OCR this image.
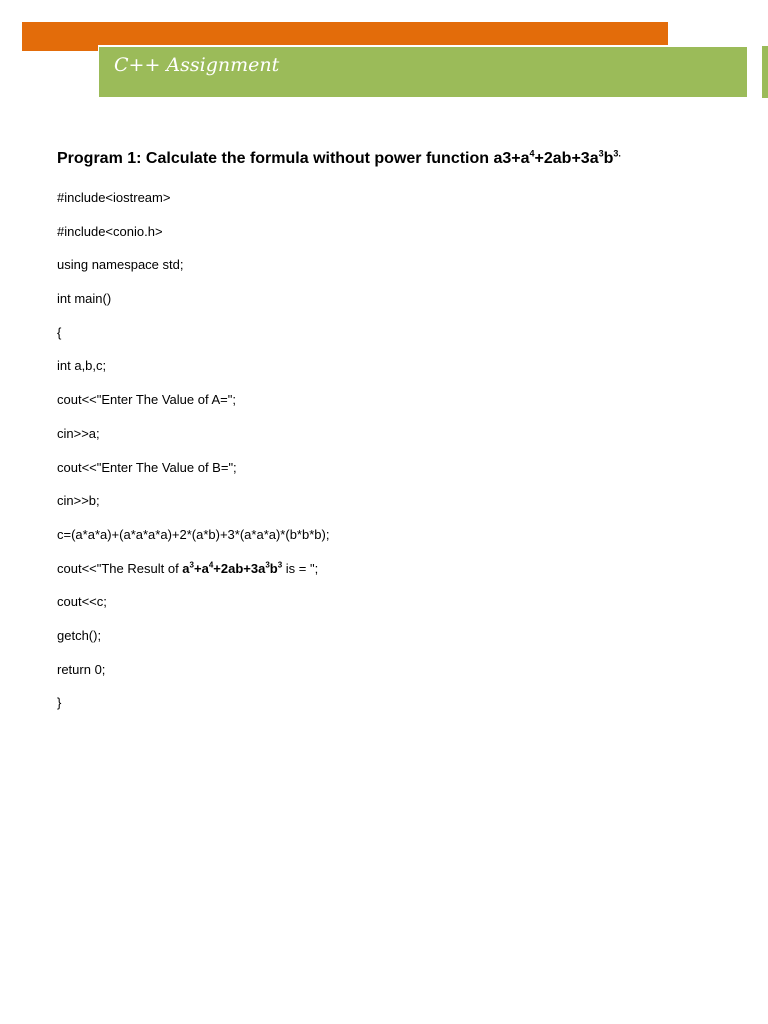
C++ Assignment
Program 1: Calculate the formula without power function $a3+a^4+2ab+3a^3b^{3.}$
#include<iostream>
#include<conio.h>
using namespace std;
int main()
{
int a,b,c;
cout<<"Enter The Value of A=";
cin>>a;
cout<<"Enter The Value of B=";
cin>>b;
c=(a*a*a)+(a*a*a*a)+2*(a*b)+3*(a*a*a)*(b*b*b);
cout<<"The Result of $a^3+a^4+2ab+3a^3b^3$ is = ";
cout<<c;
getch();
return 0;
}
